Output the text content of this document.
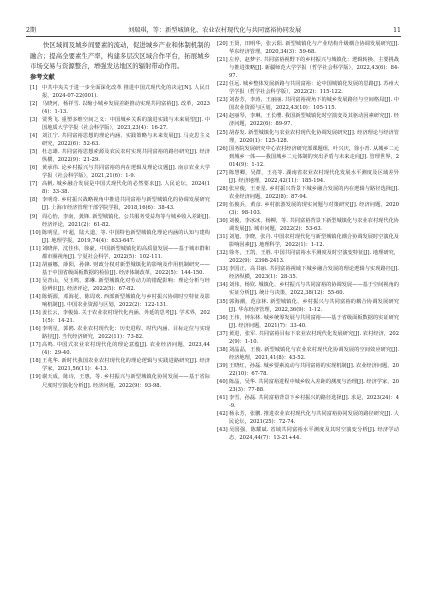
2期	刘瑞琪，等：新型城镇化、农业农村现代化与共同富裕协同发展	11

快区域间及城乡间要素的流动，促进城乡产业和体制机制的融合；提高全要素生产率，构建多层次区域合作平台，拓展城乡市场交易与资源整合，增强发达地区的辐射带动作用。

参考文献
[1] 中共中央关于进一步全面深化改革 推进中国式现代化的决定[N]. 人民日报，2024-07-22(001).
[2] 马晓河，杨祥雪. 以缩小城乡发展差距推动实现共同富裕[J]. 改革，2023(4)：1-13.
[3] 贾秀飞. 重塑多维空间之义：中国城乡关系的演进实践与未来展望[J]. 中国地质大学学报（社会科学版），2023,23(4)：16-27.
[4] 刘江宁. 共同富裕思想的理论内涵、实践策略与未来发展[J]. 马克思主义研究，2022(6)：52-63.
[5] 杜志雄. 共同富裕思想索源及农民农村实现共同富裕的路径研究[J]. 经济纵横，2022(9)：21-29.
[6] 黄承伟. 论乡村振兴与共同富裕的内在逻辑及理论议题[J]. 南京农业大学学报（社会科学版），2021,21(6)：1-9.
[7] 高帆. 城乡融合发展是中国式现代化的必然要求[J]. 人民论坛，2024(18)：33-38.
[8] 李明奇. 乡村振兴战略视角中推进共同富裕与新型城镇化的协调发展研究[J]. 上海市经济管理干部学院学报，2018,16(6)：38-43.
[9] 周心怡，李南，龚锋. 新型城镇化、公共服务受益均等与城乡收入差距[J]. 经济评论，2021(2)：61-82.
[10] 陈明星，叶超，陆大道，等. 中国特色新型城镇化理论内涵的认知与建构[J]. 地理学报，2019,74(4)：633-647.
[11] 刘晓萍，沈佳伟，徐豪，中国新型城镇化的高质量发展——基于城市群和都市圈视角[J]. 宁夏社会科学，2022(5)：102-111.
[12] 胡丽娜，薛阳，孙锋. 财政分权对新型城镇化的影响及作用机制研究——基于中国省级面板数据的检验[J]. 经济体制改革，2022(5)：144-150.
[13] 吴青山，吴玉鸣，郭琳. 新型城镇化对劳动力的错配影响：理论分析与经验辨识[J]. 经济评论，2022(5)：67-82.
[14] 陈炳源，邓海花，陈周欢. 西部新型城镇化与乡村振兴协调时空特征及影响机制[J]. 中国农业资源与区划，2022(2)：122-131.
[15] 姜长云，李俊茹. 关于农业农村现代化内涵、外延的思考[J]. 学术界，2021(5)：14-21.
[16] 李明星，郭鸥. 农业农村现代化：历史进程、时代内涵、目标定位与实现路径[J]. 当代经济研究，2022(11)：73-82.
[17] 高鸣. 中国式农业农村现代化的理论意蕴[J]. 农业经济问题，2023,44(4)：29-40.
[18] 王兆华. 新时代我国农业农村现代化的理论逻辑与实践进路研究[J]. 经济学家，2021,56(11)：4-13.
[19] 谢天成，陈诗，王惠，等. 乡村振兴与新型城镇化协同发展——基于省际尺度时空演化分析[J]. 经济问题，2022(9)：93-98.
[20] 王贤，田明华，张云阳. 新型城镇化与产业结构升级耦合协调发展研究[J]. 华东经济管理，2020,34(3)：59-68.
[21] 左停，赵梦宇. 共同富裕视野下的乡村振兴与城镇化：逻辑转换、主要挑战与推进策略[J]. 新疆师范大学学报（哲学社会科学版），2022,43(6)：84-97.
[22] 任远. 城乡整体发展新路与共同富裕：论中国城镇化发展的思路[J]. 苏州大学学报（哲学社会科学版），2022(2)：115-122.
[23] 刘春芳，李涛，王丽丽. 共同富裕视角下的城乡发展路径与空间格局[J]. 中国农业资源与区划，2022,43(10)：105-115.
[24] 赵丽琴，李琳，王长缨. 我国新型城镇化时空演变及其驱动因素研究[J]. 经济问题，2022(6)：89-97.
[25] 胡春发. 新型城镇化与农业农村现代化协调发展研究[J]. 经济理论与经济管理，2020(1)：125-128.
[26] 国务院发展研究中心农村经济研究部课题组，叶兴庆，徐小青. 从城乡二元到城乡一体——我国城乡二元体制的突出矛盾与未来走向[J]. 管理世界，2014(9)：1-12.
[27] 陈慧卿，吴群，王亮等. 湖南省农业农村现代化发展水平测度及区域差异[J]. 经济地理，2022,42(11)：185-194.
[28] 张应俊，王亚星. 乡村振兴背景下城乡融合发展的内在逻辑与路径选择[J]. 农业经济问题，2022(8)：87-94.
[29] 伍俊兵，黄彦. 乡村旅游发展的现实问题与对策研究[J]. 经济问题，2020(3)：98-103.
[30] 刘俊，李冰冰，杨柳，等. 共同富裕背景下新型城镇化与农业农村现代化协调发展[J]. 城市问题，2022(2)：53-63.
[31] 刘旭，李晓，张丹. 中国农村现代化与新型城镇化耦合协调发展时空演化及影响因素[J]. 地理科学，2022(1)：1-12.
[32] 徐冬，王凯，王胜. 中国共同富裕水平测度及时空演变特征[J]. 地理研究，2022(9)：2398-2413.
[33] 李国正，高书丽. 共同富裕视域下城乡融合发展的理论逻辑与实现路径[J]. 经济纵横，2023(1)：28-35.
[34] 刘伟，杨钦. 城镇化、乡村振兴与共同富裕的协调发展——基于空间视角的实证分析[J]. 统计与决策，2022,38(12)：55-60.
[35] 郭海潮，范彦林. 新型城镇化、乡村振兴与共同富裕的耦合协调发展研究[J]. 华东经济管理，2022,36(9)：1-12.
[36] 王伟，钟东林. 城乡统筹发展与共同富裕——基于省级面板数据的实证研究[J]. 经济问题，2021(7)：33-40.
[37] 黄进，张军. 共同富裕目标下农业农村现代化发展研究[J]. 农村经济，2022(9)：1-10.
[38] 刘晶晶，王俊. 新型城镇化与农业农村现代化协调发展的空间效应研究[J]. 经济地理，2021,41(8)：43-52.
[39] 王晓红，孙磊. 城乡要素流动与共同富裕的实现机制[J]. 农业经济问题，2022(10)：67-78.
[40] 陈晶，吴华. 共同富裕进程中城乡收入差距的测度与治理[J]. 经济学家，2023(3)：77-88.
[41] 李雪，孙磊. 共同富裕背景下乡村振兴的路径选择[J]. 求是，2023(24)：4-9.
[42] 杨永芳，张鹏. 推进农业农村现代化与共同富裕协同发展的路径研究[J]. 人民论坛，2021(25)：72-74.
[43] 吴国强，陈耀斌. 省域共同富裕水平测度及其时空演变分析[J]. 经济学动态，2024,44(7)：13-21+44.
